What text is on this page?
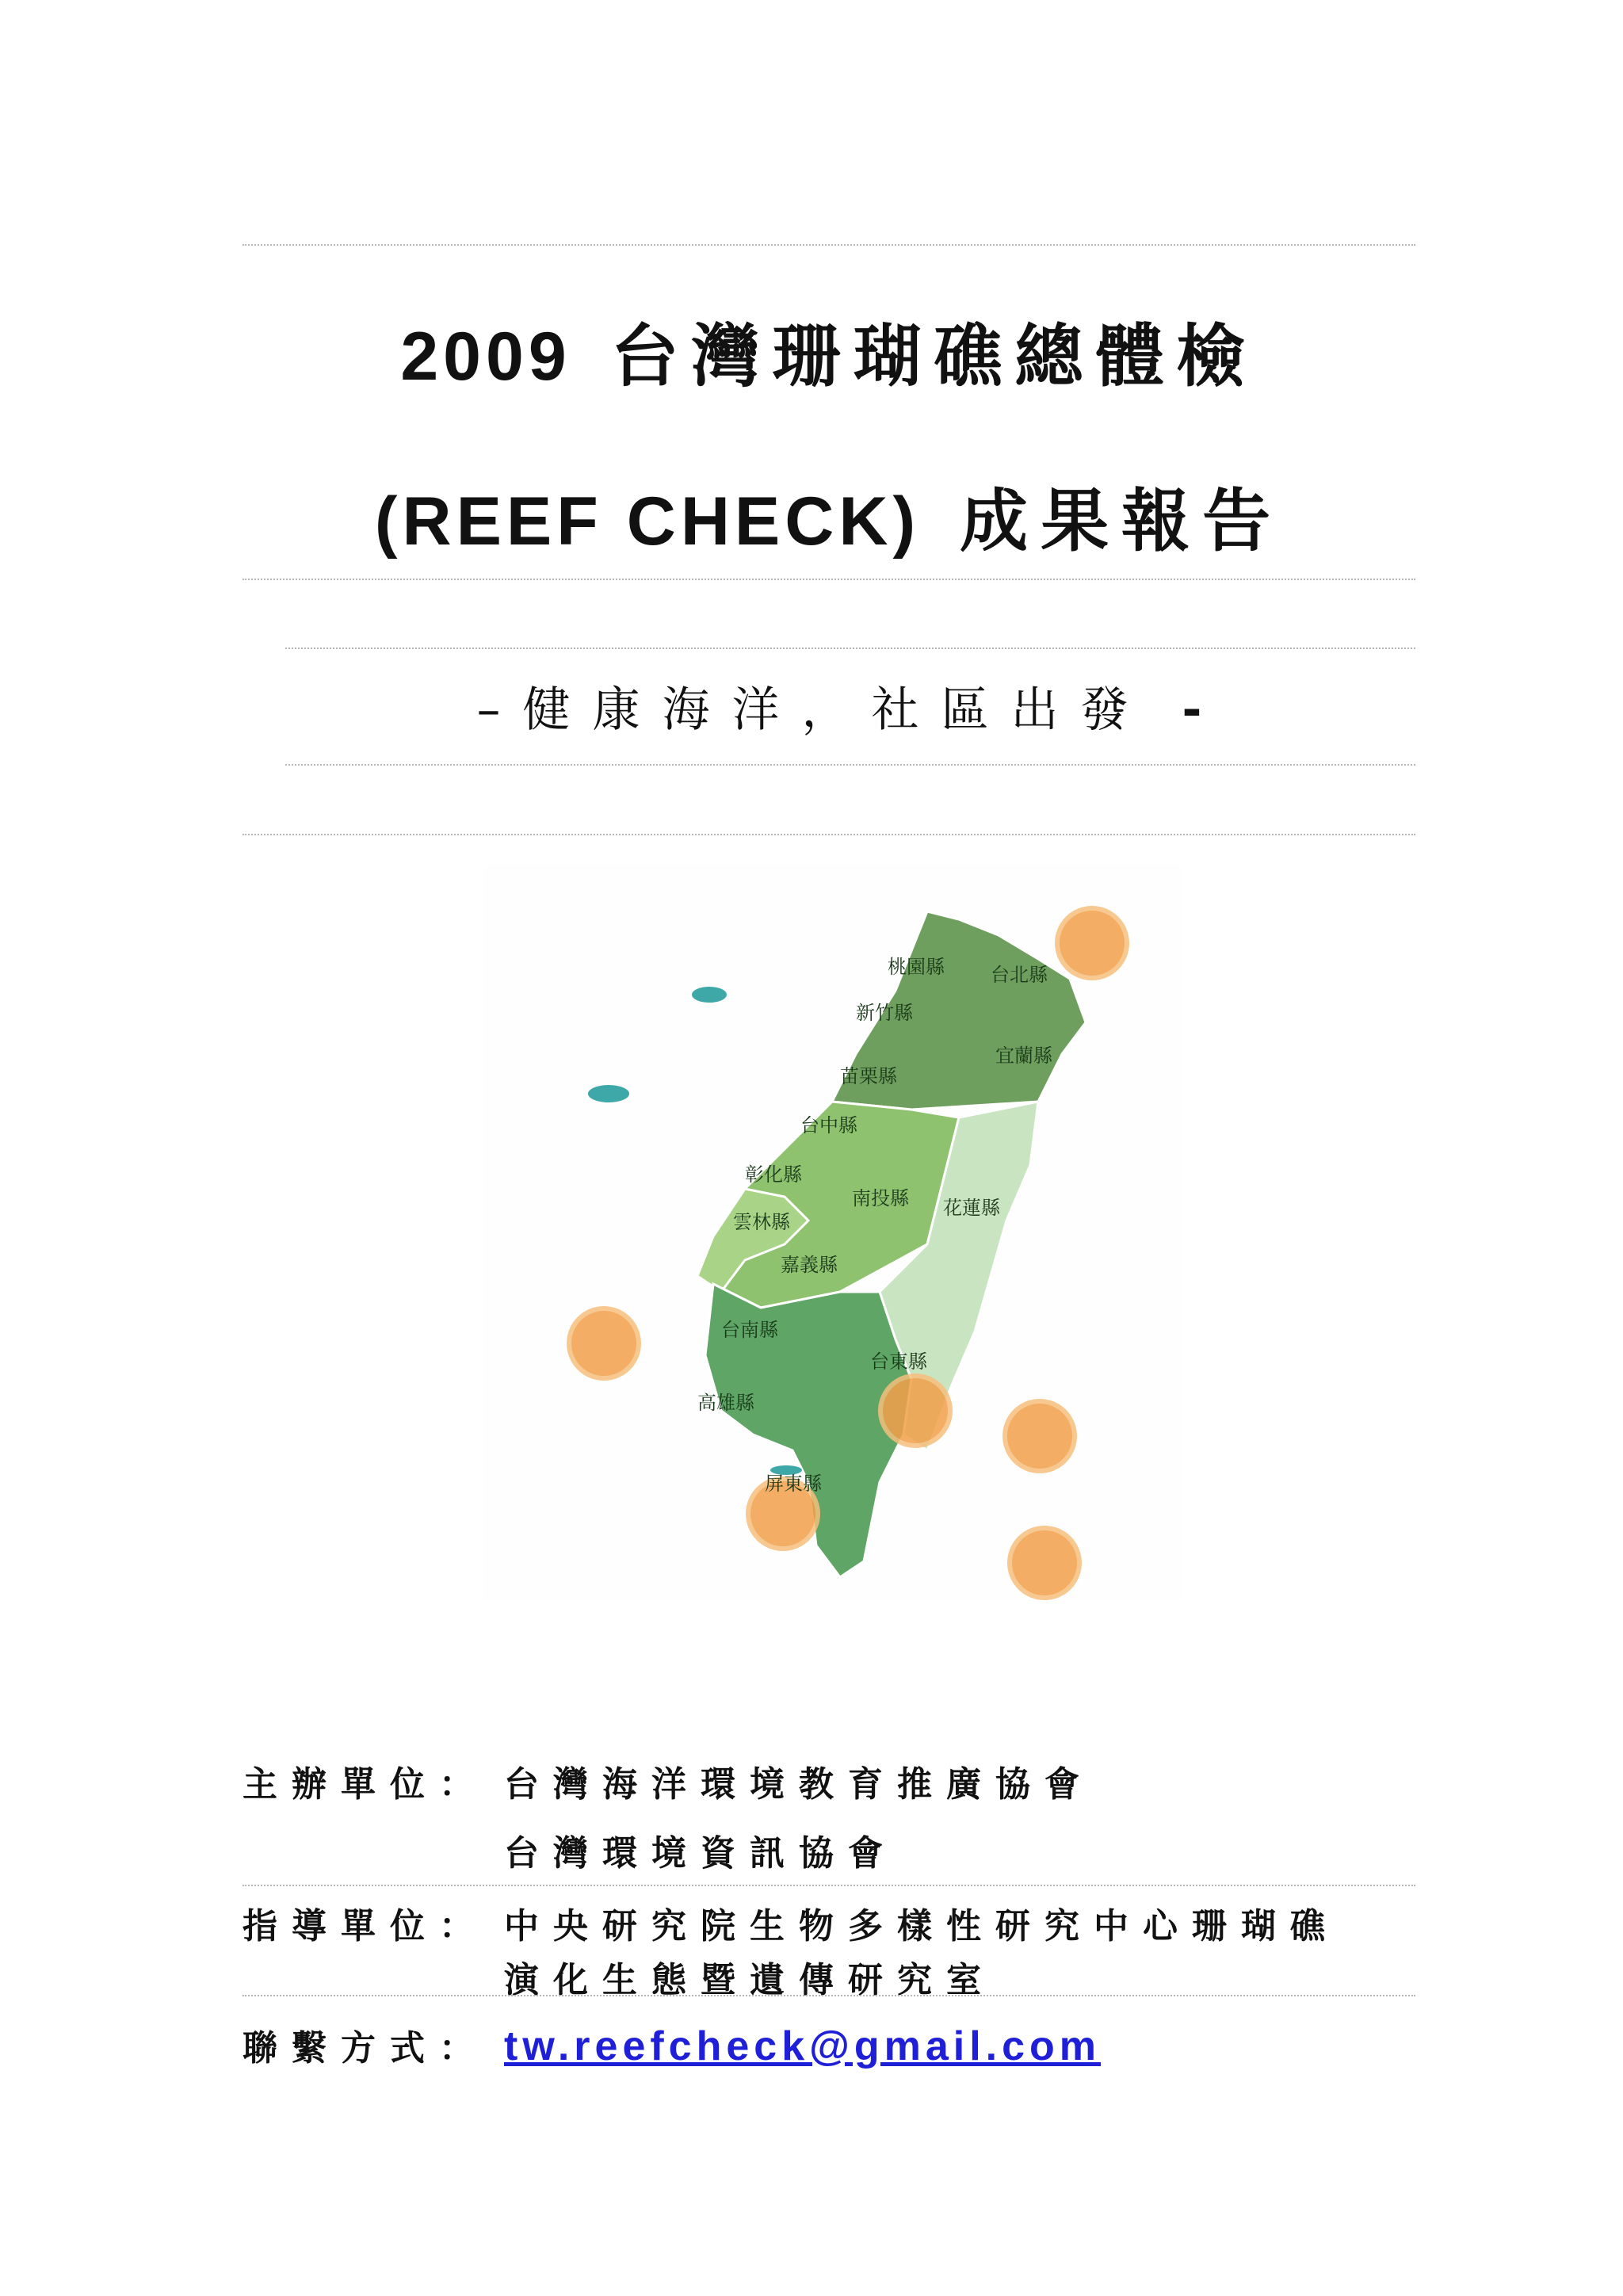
2009 台灣珊瑚礁總體檢
(REEF CHECK) 成果報告
–健康海洋，社區出發 -
桃園縣 台北縣
新竹縣
宜蘭縣
苗栗縣
台中縣
彰化縣
南投縣 花蓮縣
雲林縣
嘉義縣
台南縣
台東縣
高雄縣
屏東縣
主辦單位： 台灣海洋環境教育推廣協會
台灣環境資訊協會
指導單位： 中央研究院生物多樣性研究中心珊瑚礁
演化生態暨遺傳研究室
聯繫方式： tw.reefcheck@gmail.com
